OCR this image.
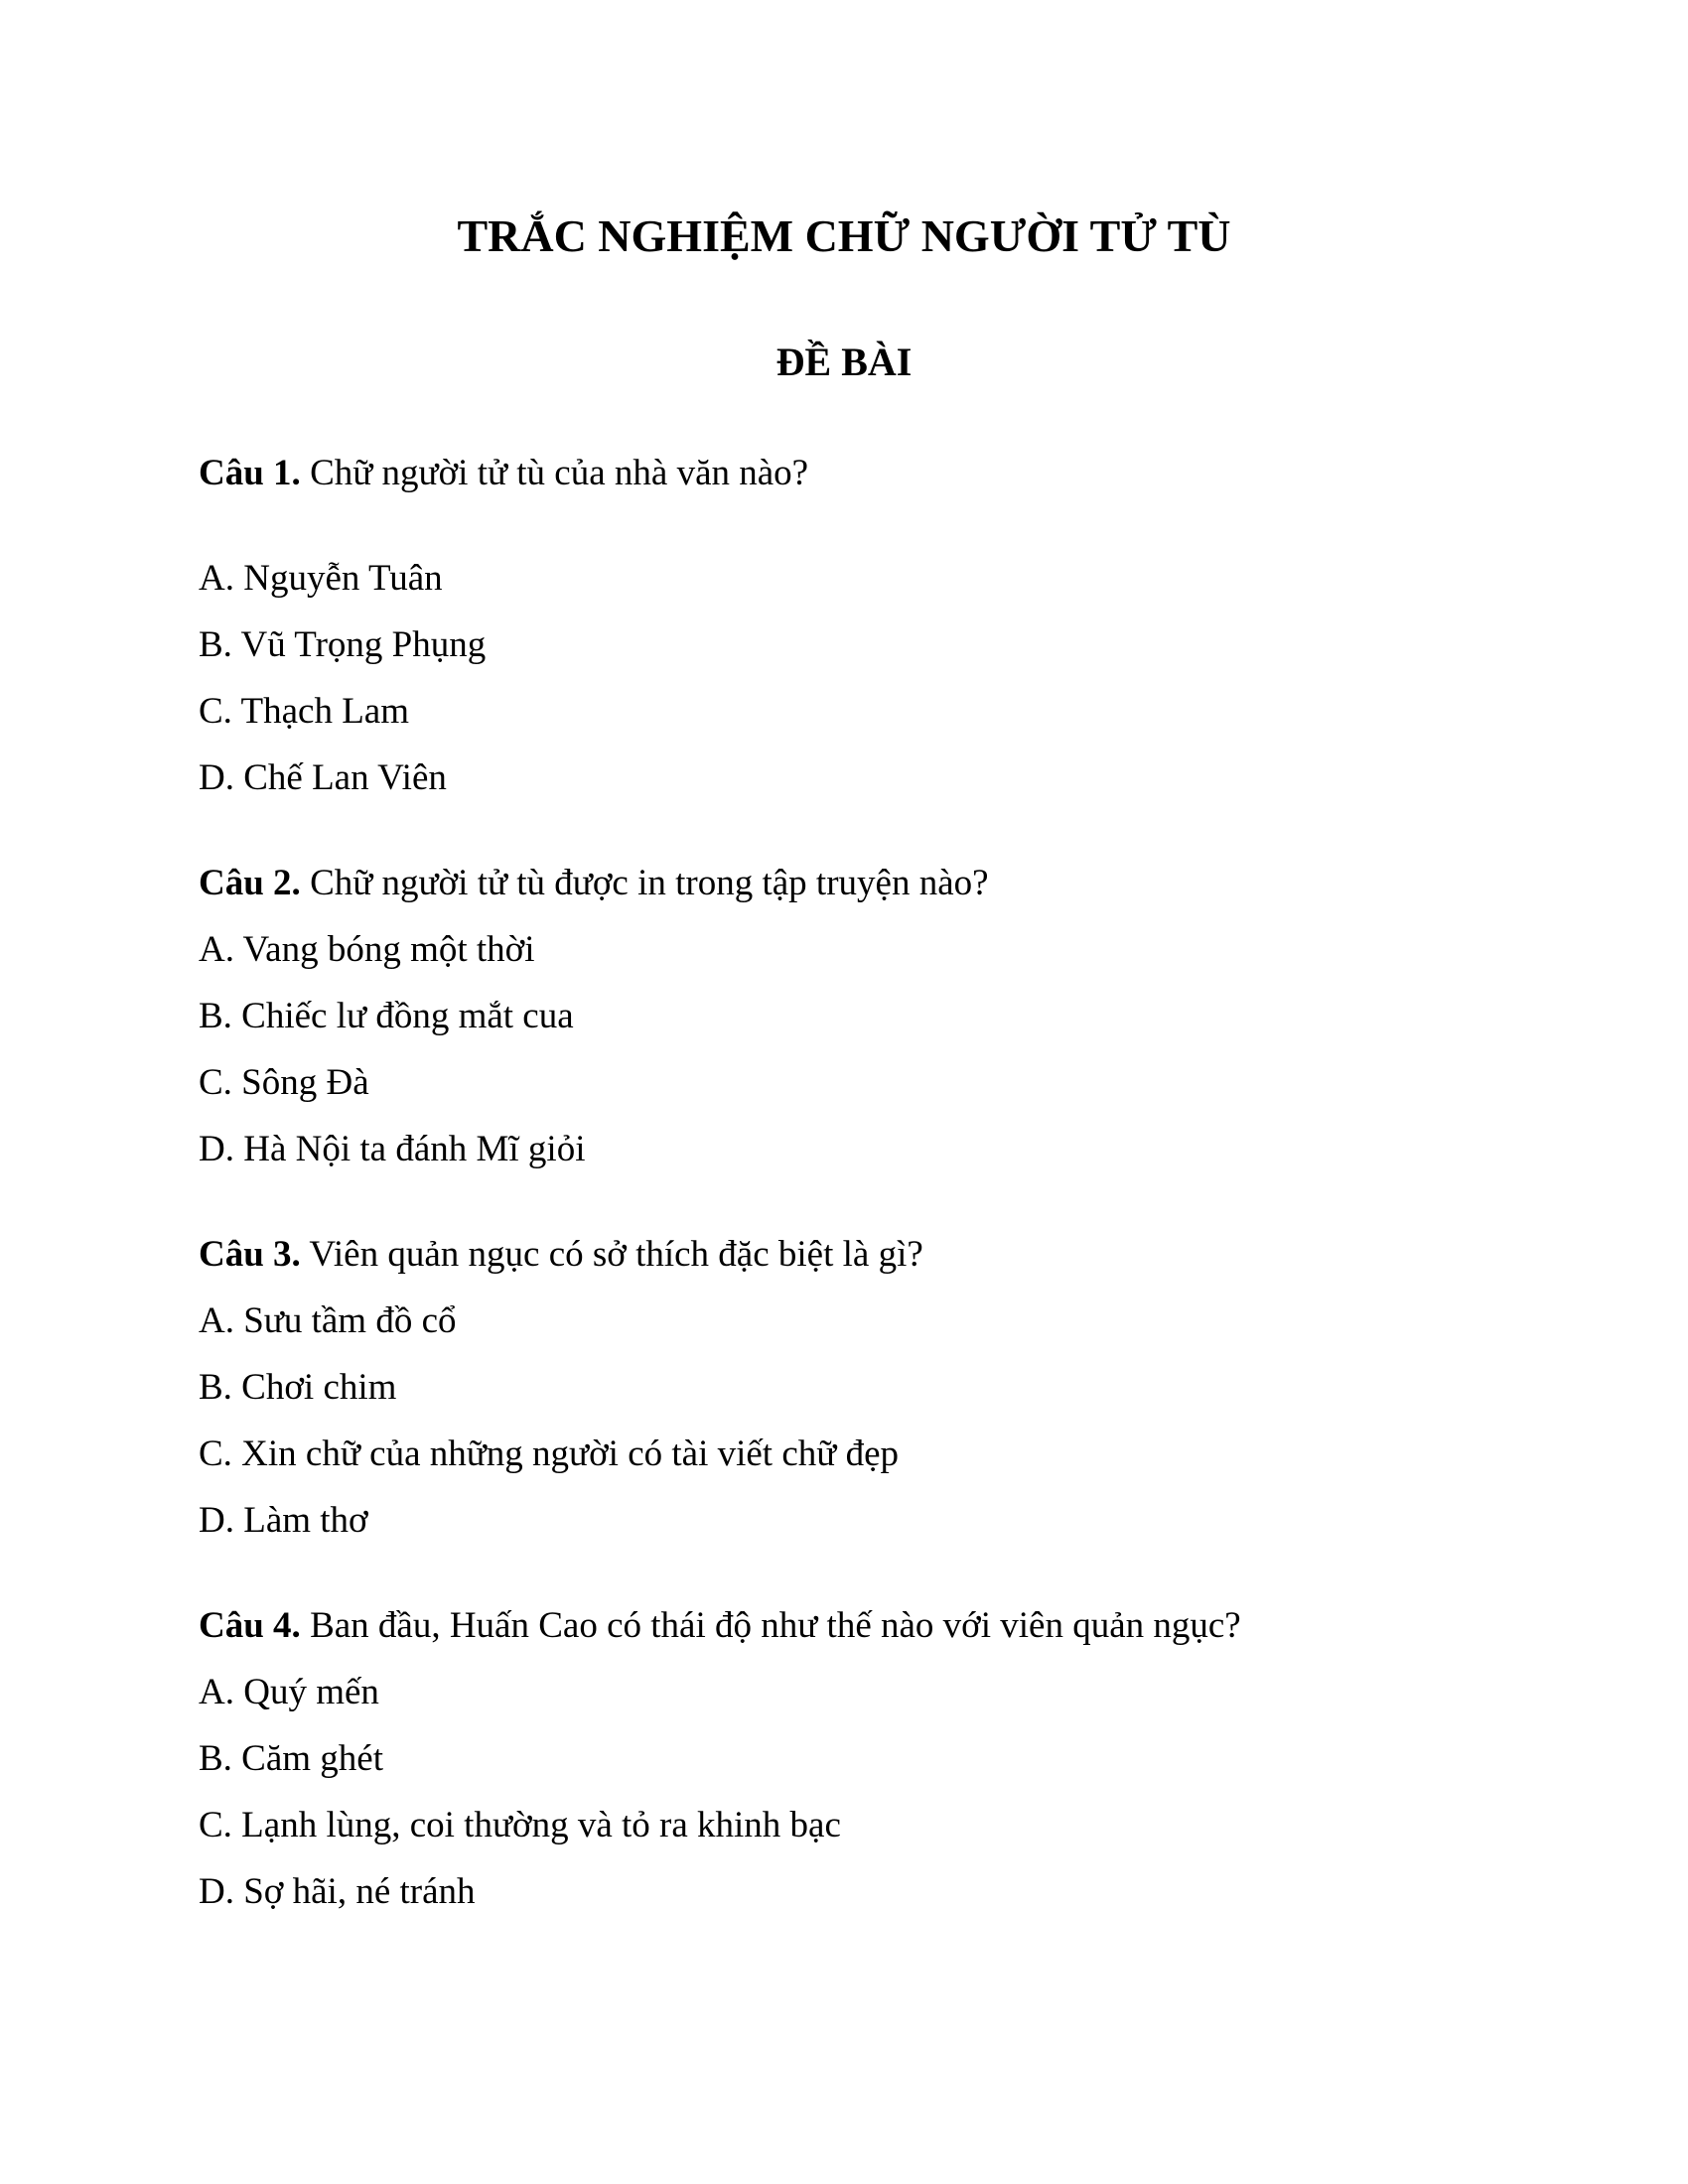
TRẮC NGHIỆM CHỮ NGƯỜI TỬ TÙ
ĐỀ BÀI
Câu 1. Chữ người tử tù của nhà văn nào?
A. Nguyễn Tuân
B. Vũ Trọng Phụng
C. Thạch Lam
D. Chế Lan Viên
Câu 2. Chữ người tử tù được in trong tập truyện nào?
A. Vang bóng một thời
B. Chiếc lư đồng mắt cua
C. Sông Đà
D. Hà Nội ta đánh Mĩ giỏi
Câu 3. Viên quản ngục có sở thích đặc biệt là gì?
A. Sưu tầm đồ cổ
B. Chơi chim
C. Xin chữ của những người có tài viết chữ đẹp
D. Làm thơ
Câu 4. Ban đầu, Huấn Cao có thái độ như thế nào với viên quản ngục?
A. Quý mến
B. Căm ghét
C. Lạnh lùng, coi thường và tỏ ra khinh bạc
D. Sợ hãi, né tránh
